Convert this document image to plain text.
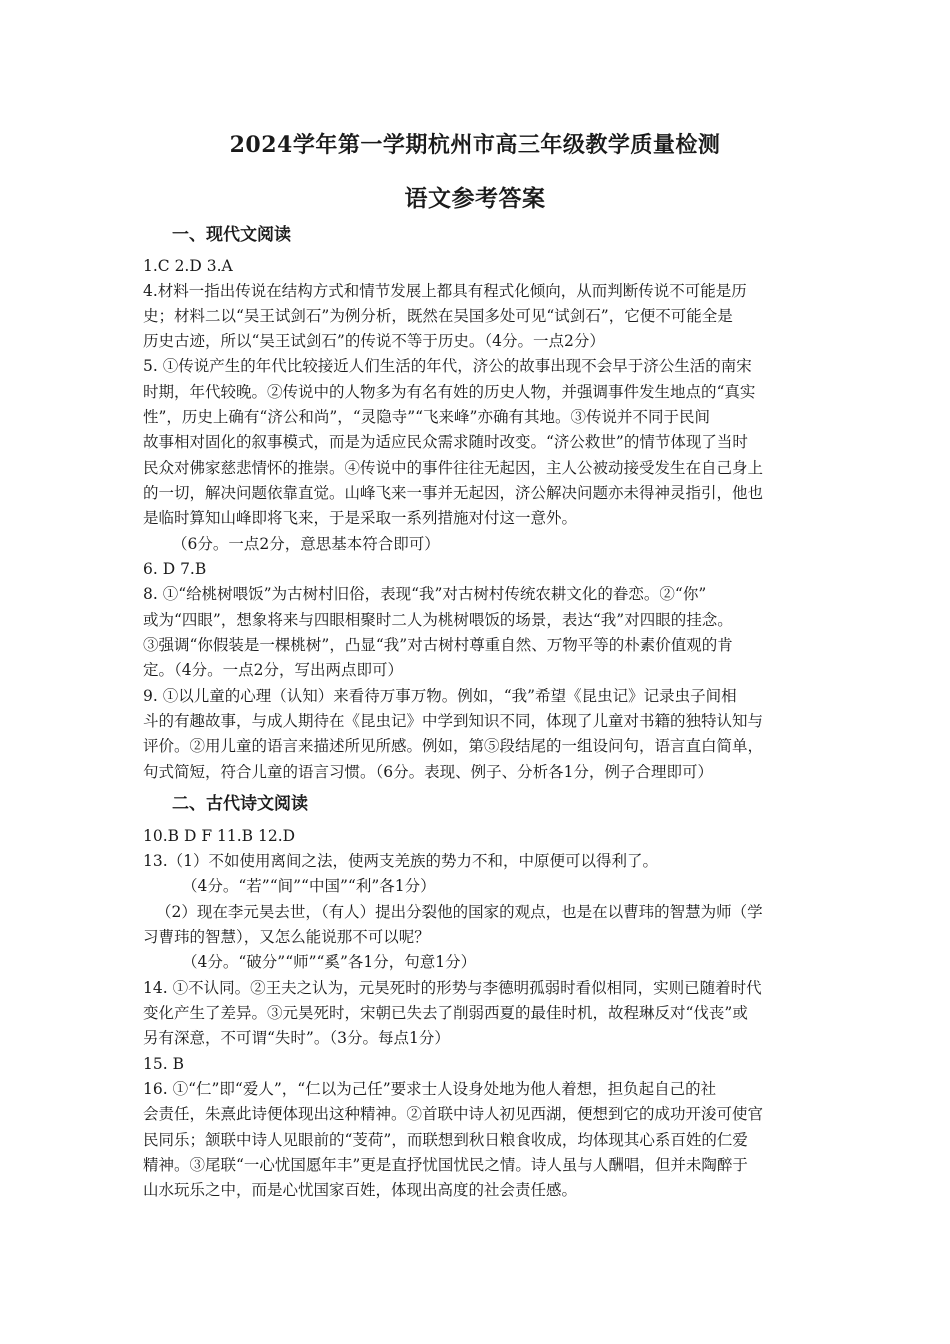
2024学年第一学期杭州市高三年级教学质量检测
语文参考答案
一、现代文阅读
1.C 2.D 3.A
4.材料一指出传说在结构方式和情节发展上都具有程式化倾向，从而判断传说不可能是历
史；材料二以“吴王试剑石”为例分析，既然在吴国多处可见“试剑石”，它便不可能全是
历史古迹，所以“吴王试剑石”的传说不等于历史。（4分。一点2分）
5. ①传说产生的年代比较接近人们生活的年代，济公的故事出现不会早于济公生活的南宋
时期，年代较晚。②传说中的人物多为有名有姓的历史人物，并强调事件发生地点的“真实
性”，历史上确有“济公和尚”，“灵隐寺”“飞来峰”亦确有其地。③传说并不同于民间
故事相对固化的叙事模式，而是为适应民众需求随时改变。“济公救世”的情节体现了当时
民众对佛家慈悲情怀的推崇。④传说中的事件往往无起因，主人公被动接受发生在自己身上
的一切，解决问题依靠直觉。山峰飞来一事并无起因，济公解决问题亦未得神灵指引，他也
是临时算知山峰即将飞来，于是采取一系列措施对付这一意外。
（6分。一点2分，意思基本符合即可）
6. D 7.B
8. ①“给桃树喂饭”为古树村旧俗，表现“我”对古树村传统农耕文化的眷恋。②“你”
或为“四眼”，想象将来与四眼相聚时二人为桃树喂饭的场景，表达“我”对四眼的挂念。
③强调“你假装是一棵桃树”，凸显“我”对古树村尊重自然、万物平等的朴素价值观的肯
定。（4分。一点2分，写出两点即可）
9. ①以儿童的心理（认知）来看待万事万物。例如，“我”希望《昆虫记》记录虫子间相
斗的有趣故事，与成人期待在《昆虫记》中学到知识不同，体现了儿童对书籍的独特认知与
评价。②用儿童的语言来描述所见所感。例如，第⑤段结尾的一组设问句，语言直白简单，
句式简短，符合儿童的语言习惯。（6分。表现、例子、分析各1分，例子合理即可）
二、古代诗文阅读
10.B D F 11.B 12.D
13.（1）不如使用离间之法，使两支羌族的势力不和，中原便可以得利了。
（4分。“若”“间”“中国”“利”各1分）
（2）现在李元昊去世，（有人）提出分裂他的国家的观点，也是在以曹玮的智慧为师（学
习曹玮的智慧），又怎么能说那不可以呢？
（4分。“破分”“师”“奚”各1分，句意1分）
14. ①不认同。②王夫之认为，元昊死时的形势与李德明孤弱时看似相同，实则已随着时代
变化产生了差异。③元昊死时，宋朝已失去了削弱西夏的最佳时机，故程琳反对“伐丧”或
另有深意，不可谓“失时”。（3分。每点1分）
15. B
16. ①“仁”即“爱人”，“仁以为己任”要求士人设身处地为他人着想，担负起自己的社
会责任，朱熹此诗便体现出这种精神。②首联中诗人初见西湖，便想到它的成功开浚可使官
民同乐；颔联中诗人见眼前的“芰荷”，而联想到秋日粮食收成，均体现其心系百姓的仁爱
精神。③尾联“一心忧国愿年丰”更是直抒忧国忧民之情。诗人虽与人酬唱，但并未陶醉于
山水玩乐之中，而是心忧国家百姓，体现出高度的社会责任感。
